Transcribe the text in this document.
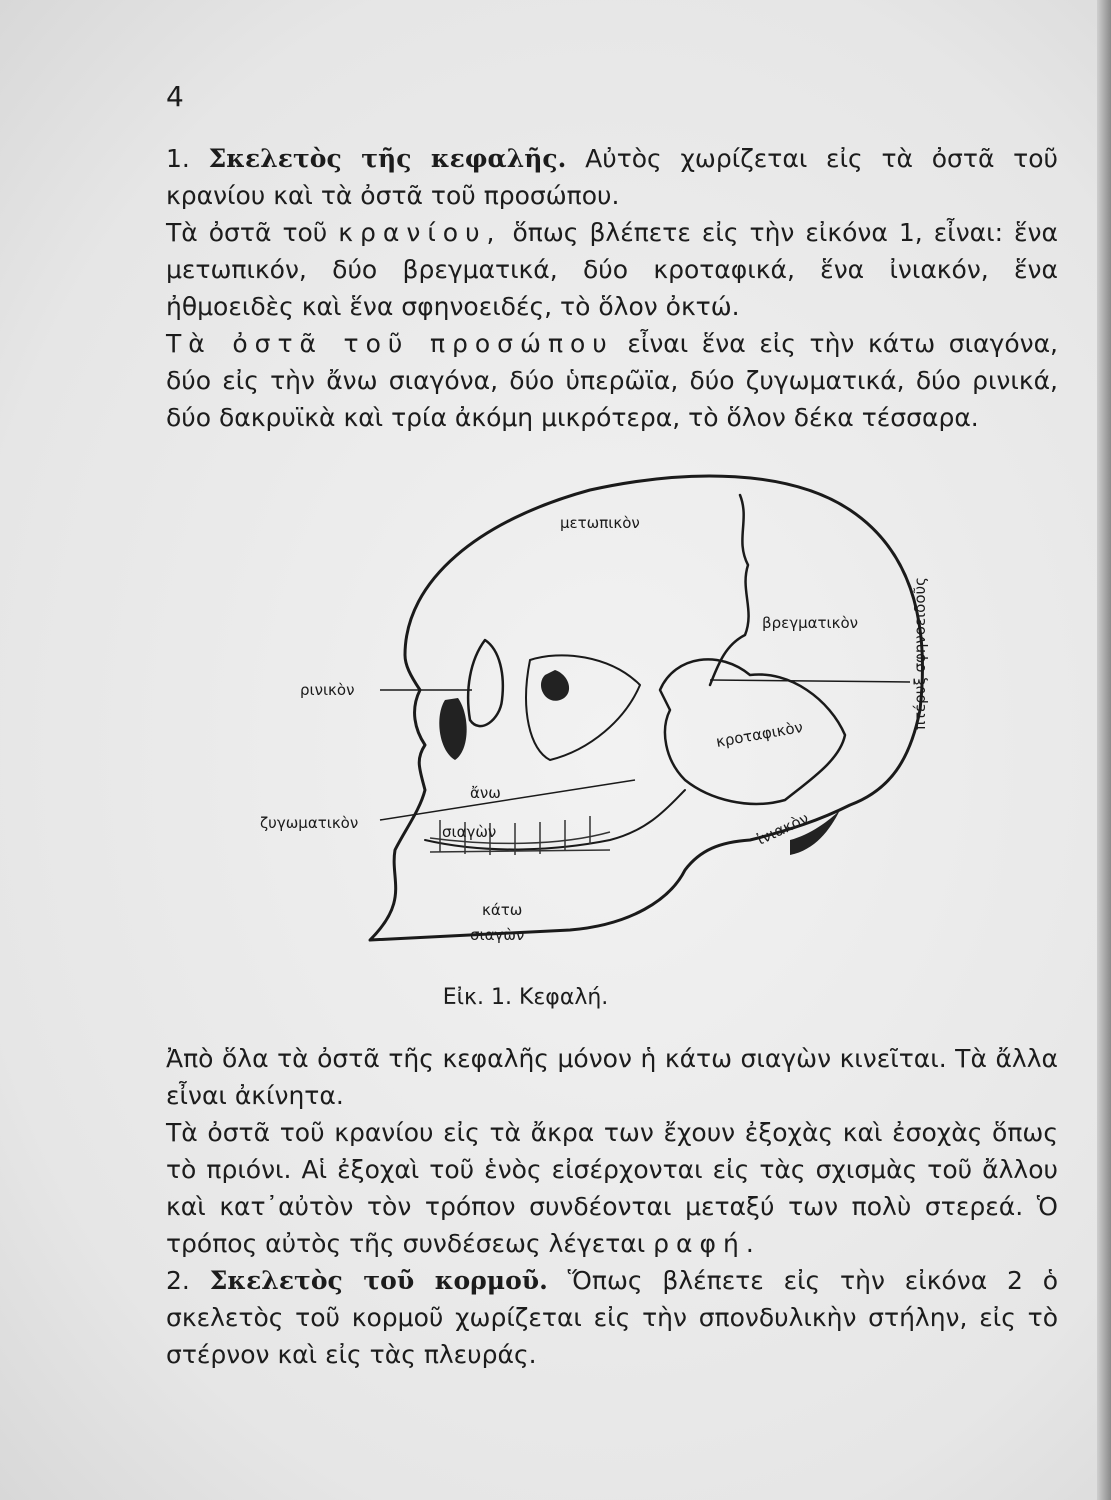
4

1. Σκελετὸς τῆς κεφαλῆς. Αὐτὸς χωρίζεται εἰς τὰ ὀστᾶ τοῦ κρανίου καὶ τὰ ὀστᾶ τοῦ προσώπου.

Τὰ ὀστᾶ τοῦ κρανίου, ὅπως βλέπετε εἰς τὴν εἰκόνα 1, εἶναι: ἕνα μετωπικόν, δύο βρεγματικά, δύο κροταφικά, ἕνα ἰνιακόν, ἕνα ἠθμοειδὲς καὶ ἕνα σφηνοειδές, τὸ ὅλον ὀκτώ.

Τὰ ὀστᾶ τοῦ προσώπου εἶναι ἕνα εἰς τὴν κάτω σιαγόνα, δύο εἰς τὴν ἄνω σιαγόνα, δύο ὑπερῶϊα, δύο ζυγωματικά, δύο ρινικά, δύο δακρυϊκὰ καὶ τρία ἀκόμη μικρότερα, τὸ ὅλον δέκα τέσσαρα.

μετωπικὸν
βρεγματικὸν
ρινικὸν
κροταφικὸν
ζυγωματικὸν
ἄνω
σιαγὼν	ἰνιακὸν
κάτω
σιαγὼν
πτέρυξ σφηνοειδοῦς
Εἰκ. 1. Κεφαλή.

Ἀπὸ ὅλα τὰ ὀστᾶ τῆς κεφαλῆς μόνον ἡ κάτω σιαγὼν κινεῖται. Τὰ ἄλλα εἶναι ἀκίνητα.

Τὰ ὀστᾶ τοῦ κρανίου εἰς τὰ ἄκρα των ἔχουν ἐξοχὰς καὶ ἐσοχὰς ὅπως τὸ πριόνι. Αἱ ἐξοχαὶ τοῦ ἑνὸς εἰσέρχονται εἰς τὰς σχισμὰς τοῦ ἄλλου καὶ κατ᾽αὐτὸν τὸν τρόπον συνδέονται μεταξύ των πολὺ στερεά. Ὁ τρόπος αὐτὸς τῆς συνδέσεως λέγεται ραφή.

2. Σκελετὸς τοῦ κορμοῦ. Ὅπως βλέπετε εἰς τὴν εἰκόνα 2 ὁ σκελετὸς τοῦ κορμοῦ χωρίζεται εἰς τὴν σπονδυλικὴν στήλην, εἰς τὸ στέρνον καὶ εἰς τὰς πλευράς.
